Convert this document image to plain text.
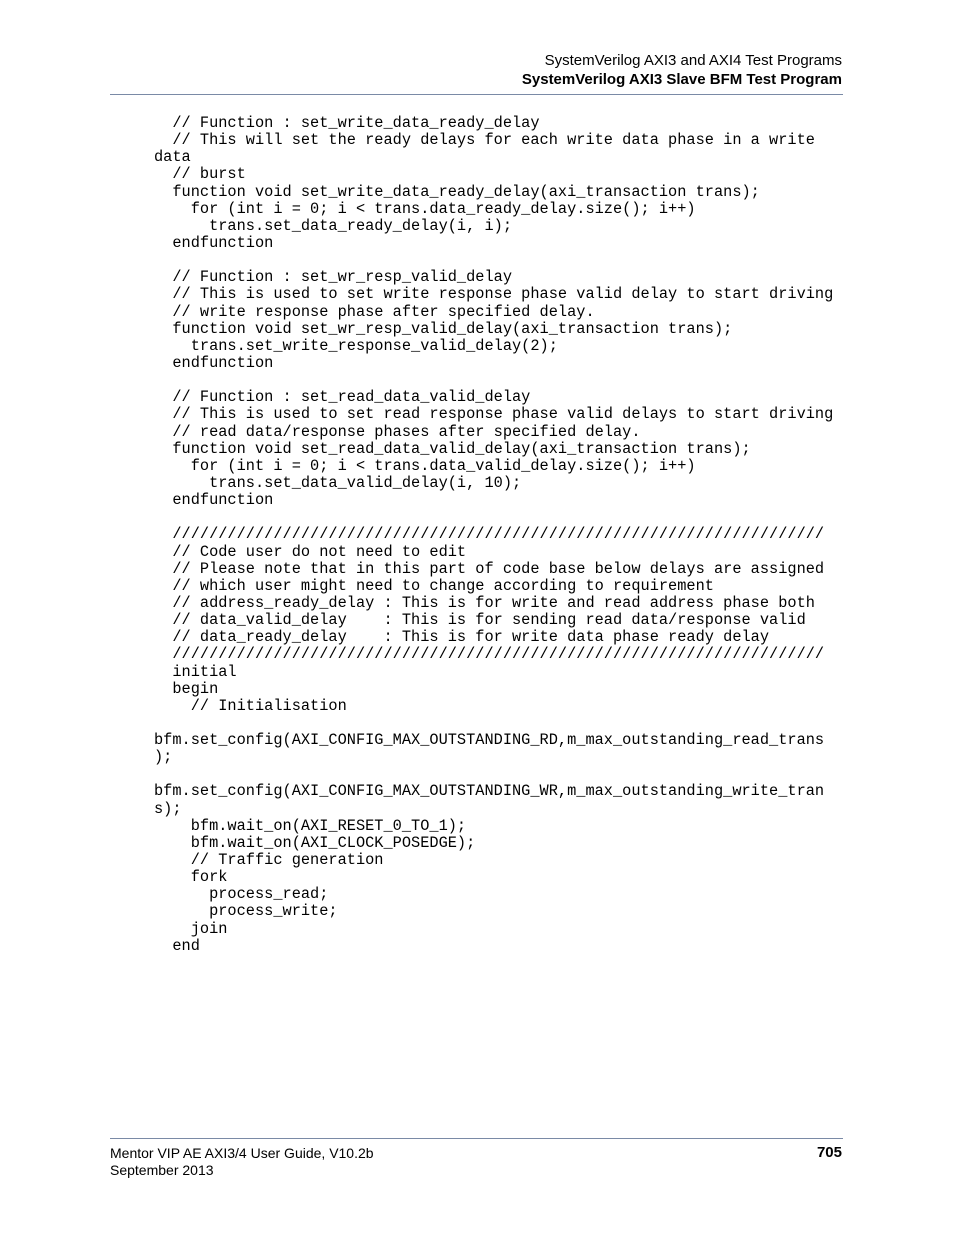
SystemVerilog AXI3 and AXI4 Test Programs
SystemVerilog AXI3 Slave BFM Test Program
// Function : set_write_data_ready_delay
// This will set the ready delays for each write data phase in a write
data
// burst
function void set_write_data_ready_delay(axi_transaction trans);
for (int i = 0; i < trans.data_ready_delay.size(); i++)
trans.set_data_ready_delay(i, i);
endfunction
// Function : set_wr_resp_valid_delay
// This is used to set write response phase valid delay to start driving
// write response phase after specified delay.
function void set_wr_resp_valid_delay(axi_transaction trans);
trans.set_write_response_valid_delay(2);
endfunction
// Function : set_read_data_valid_delay
// This is used to set read response phase valid delays to start driving
// read data/response phases after specified delay.
function void set_read_data_valid_delay(axi_transaction trans);
for (int i = 0; i < trans.data_valid_delay.size(); i++)
trans.set_data_valid_delay(i, 10);
endfunction
///////////////////////////////////////////////////////////////////////
// Code user do not need to edit
// Please note that in this part of code base below delays are assigned
// which user might need to change according to requirement
// address_ready_delay : This is for write and read address phase both
// data_valid_delay    : This is for sending read data/response valid
// data_ready_delay    : This is for write data phase ready delay
///////////////////////////////////////////////////////////////////////
initial
begin
// Initialisation
bfm.set_config(AXI_CONFIG_MAX_OUTSTANDING_RD,m_max_outstanding_read_trans
);
bfm.set_config(AXI_CONFIG_MAX_OUTSTANDING_WR,m_max_outstanding_write_tran
s);
bfm.wait_on(AXI_RESET_0_TO_1);
bfm.wait_on(AXI_CLOCK_POSEDGE);
// Traffic generation
fork
process_read;
process_write;
join
end
Mentor VIP AE AXI3/4 User Guide, V10.2b
September 2013
705
